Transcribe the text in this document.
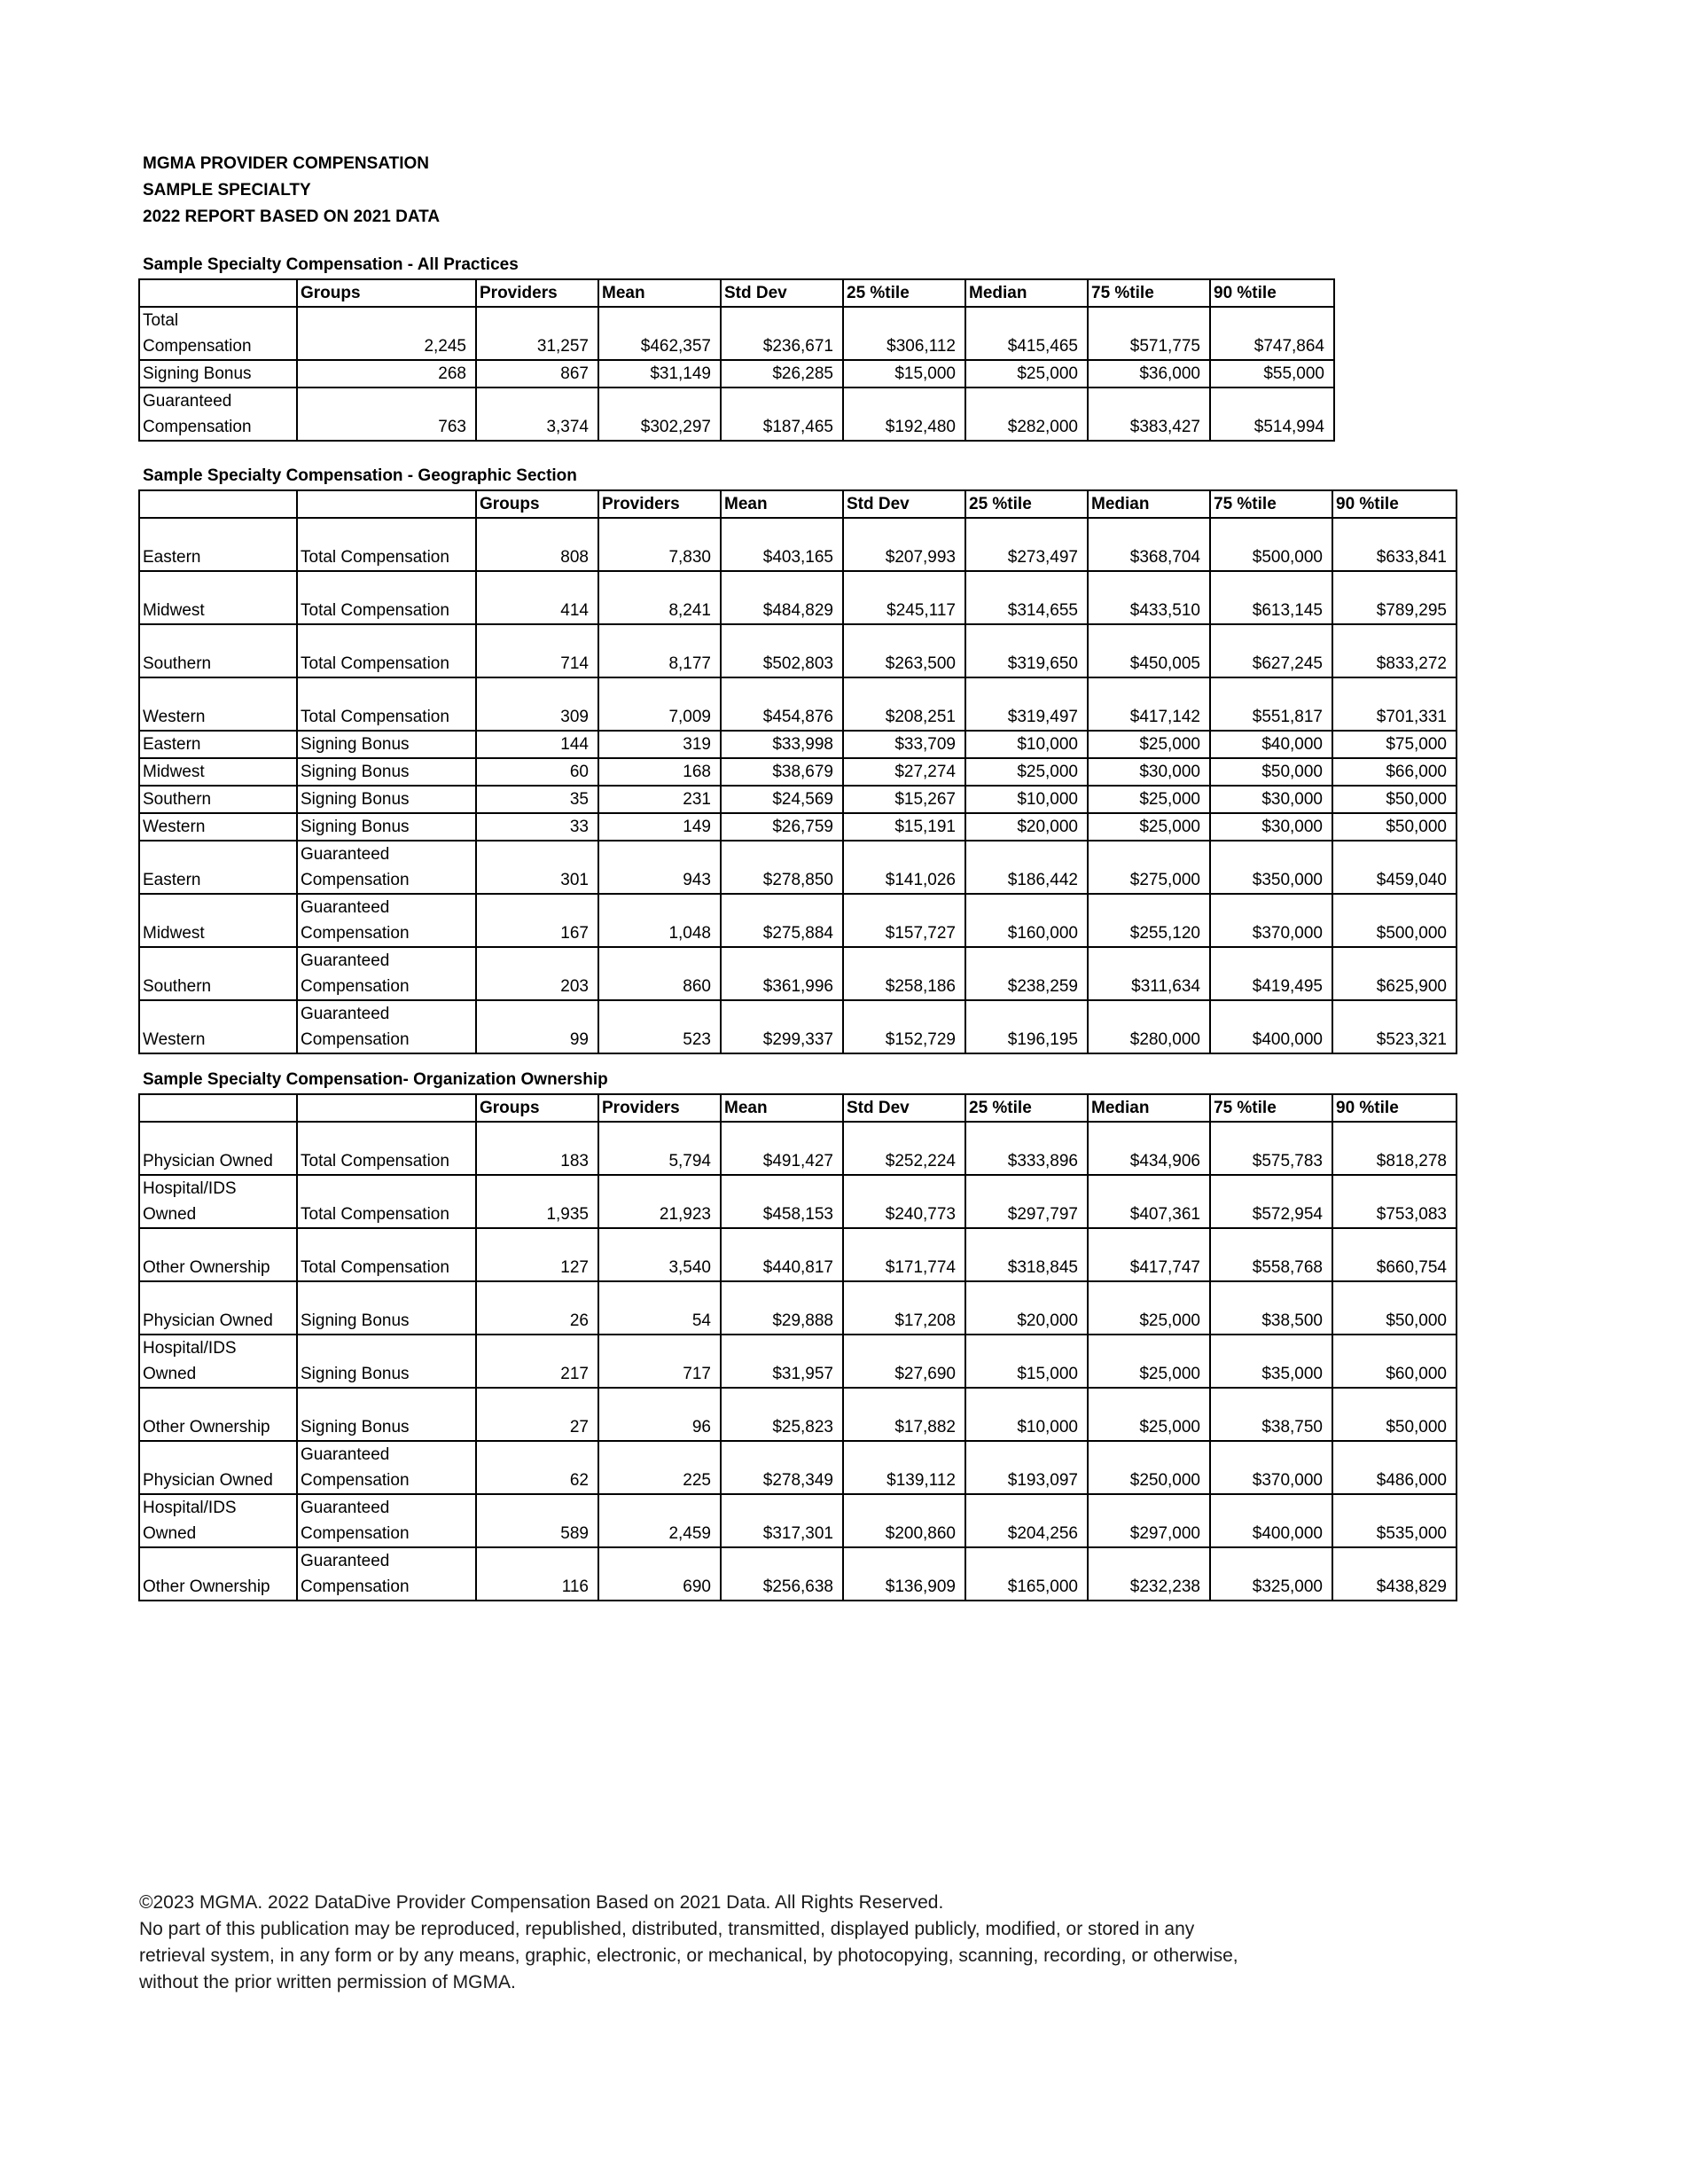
MGMA PROVIDER COMPENSATION
SAMPLE SPECIALTY
2022 REPORT BASED ON 2021 DATA
Sample Specialty Compensation - All Practices
	Groups	Providers	Mean	Std Dev	25 %tile	Median	75 %tile	90 %tile
Total Compensation	2,245	31,257	$462,357	$236,671	$306,112	$415,465	$571,775	$747,864
Signing Bonus	268	867	$31,149	$26,285	$15,000	$25,000	$36,000	$55,000
Guaranteed Compensation	763	3,374	$302,297	$187,465	$192,480	$282,000	$383,427	$514,994
Sample Specialty Compensation - Geographic Section
		Groups	Providers	Mean	Std Dev	25 %tile	Median	75 %tile	90 %tile
Eastern	Total Compensation	808	7,830	$403,165	$207,993	$273,497	$368,704	$500,000	$633,841
Midwest	Total Compensation	414	8,241	$484,829	$245,117	$314,655	$433,510	$613,145	$789,295
Southern	Total Compensation	714	8,177	$502,803	$263,500	$319,650	$450,005	$627,245	$833,272
Western	Total Compensation	309	7,009	$454,876	$208,251	$319,497	$417,142	$551,817	$701,331
Eastern	Signing Bonus	144	319	$33,998	$33,709	$10,000	$25,000	$40,000	$75,000
Midwest	Signing Bonus	60	168	$38,679	$27,274	$25,000	$30,000	$50,000	$66,000
Southern	Signing Bonus	35	231	$24,569	$15,267	$10,000	$25,000	$30,000	$50,000
Western	Signing Bonus	33	149	$26,759	$15,191	$20,000	$25,000	$30,000	$50,000
Eastern	Guaranteed Compensation	301	943	$278,850	$141,026	$186,442	$275,000	$350,000	$459,040
Midwest	Guaranteed Compensation	167	1,048	$275,884	$157,727	$160,000	$255,120	$370,000	$500,000
Southern	Guaranteed Compensation	203	860	$361,996	$258,186	$238,259	$311,634	$419,495	$625,900
Western	Guaranteed Compensation	99	523	$299,337	$152,729	$196,195	$280,000	$400,000	$523,321
Sample Specialty Compensation- Organization Ownership
		Groups	Providers	Mean	Std Dev	25 %tile	Median	75 %tile	90 %tile
Physician Owned	Total Compensation	183	5,794	$491,427	$252,224	$333,896	$434,906	$575,783	$818,278
Hospital/IDS Owned	Total Compensation	1,935	21,923	$458,153	$240,773	$297,797	$407,361	$572,954	$753,083
Other Ownership	Total Compensation	127	3,540	$440,817	$171,774	$318,845	$417,747	$558,768	$660,754
Physician Owned	Signing Bonus	26	54	$29,888	$17,208	$20,000	$25,000	$38,500	$50,000
Hospital/IDS Owned	Signing Bonus	217	717	$31,957	$27,690	$15,000	$25,000	$35,000	$60,000
Other Ownership	Signing Bonus	27	96	$25,823	$17,882	$10,000	$25,000	$38,750	$50,000
Physician Owned	Guaranteed Compensation	62	225	$278,349	$139,112	$193,097	$250,000	$370,000	$486,000
Hospital/IDS Owned	Guaranteed Compensation	589	2,459	$317,301	$200,860	$204,256	$297,000	$400,000	$535,000
Other Ownership	Guaranteed Compensation	116	690	$256,638	$136,909	$165,000	$232,238	$325,000	$438,829
©2023 MGMA. 2022 DataDive Provider Compensation Based on 2021 Data. All Rights Reserved.
No part of this publication may be reproduced, republished, distributed, transmitted, displayed publicly, modified, or stored in any
retrieval system, in any form or by any means, graphic, electronic, or mechanical, by photocopying, scanning, recording, or otherwise,
without the prior written permission of MGMA.
